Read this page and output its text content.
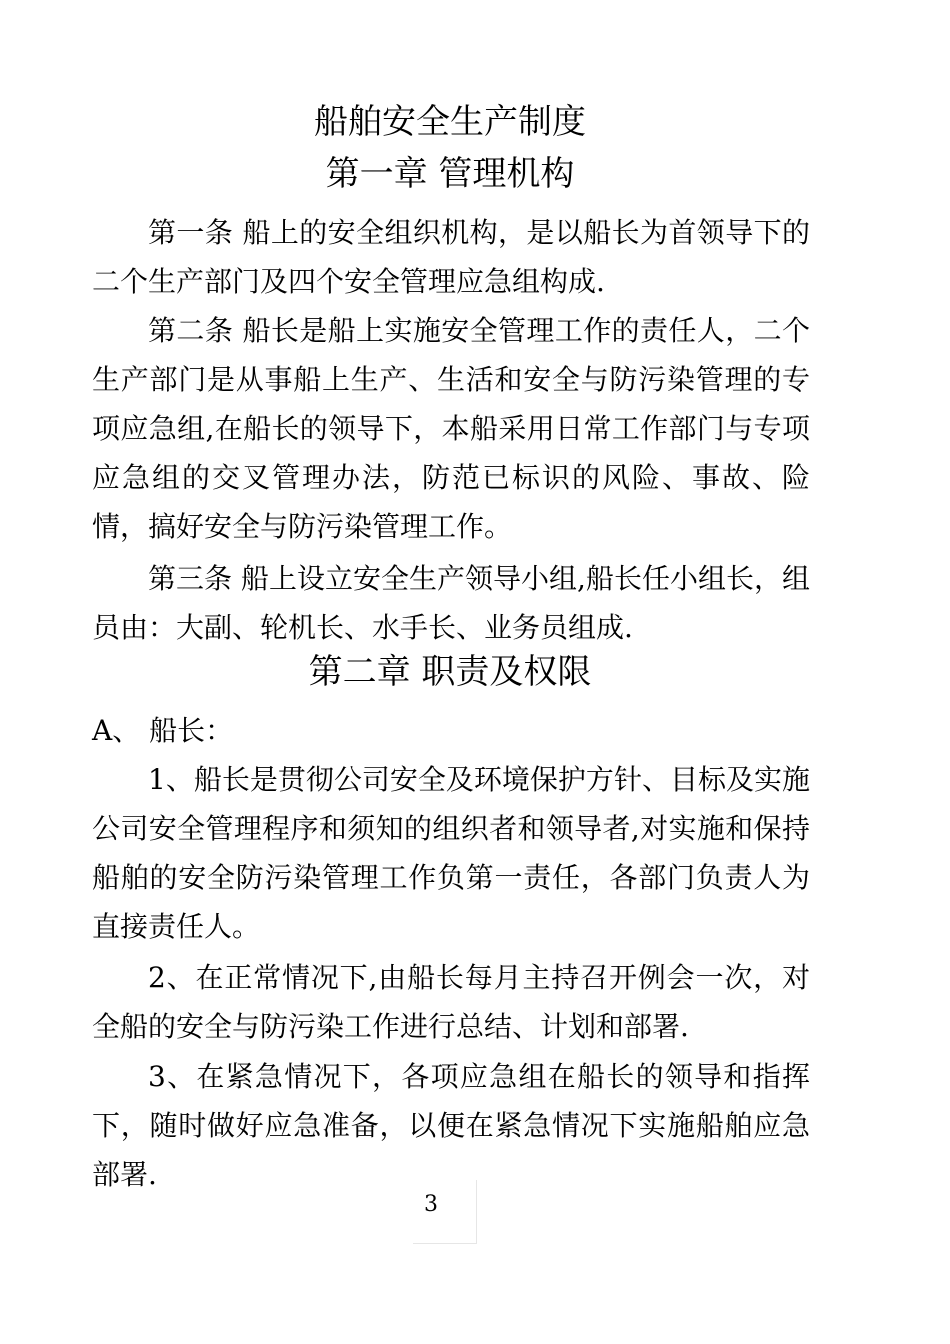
船舶安全生产制度
第一章 管理机构

第一条 船上的安全组织机构，是以船长为首领导下的二个生产部门及四个安全管理应急组构成.

第二条 船长是船上实施安全管理工作的责任人，二个生产部门是从事船上生产、生活和安全与防污染管理的专项应急组,在船长的领导下，本船采用日常工作部门与专项应急组的交叉管理办法，防范已标识的风险、事故、险情，搞好安全与防污染管理工作。

第三条 船上设立安全生产领导小组,船长任小组长，组员由：大副、轮机长、水手长、业务员组成.

第二章 职责及权限

A、 船长：

1、船长是贯彻公司安全及环境保护方针、目标及实施公司安全管理程序和须知的组织者和领导者,对实施和保持船舶的安全防污染管理工作负第一责任，各部门负责人为直接责任人。

2、在正常情况下,由船长每月主持召开例会一次，对全船的安全与防污染工作进行总结、计划和部署.

3、在紧急情况下，各项应急组在船长的领导和指挥下，随时做好应急准备，以便在紧急情况下实施船舶应急部署.

3
